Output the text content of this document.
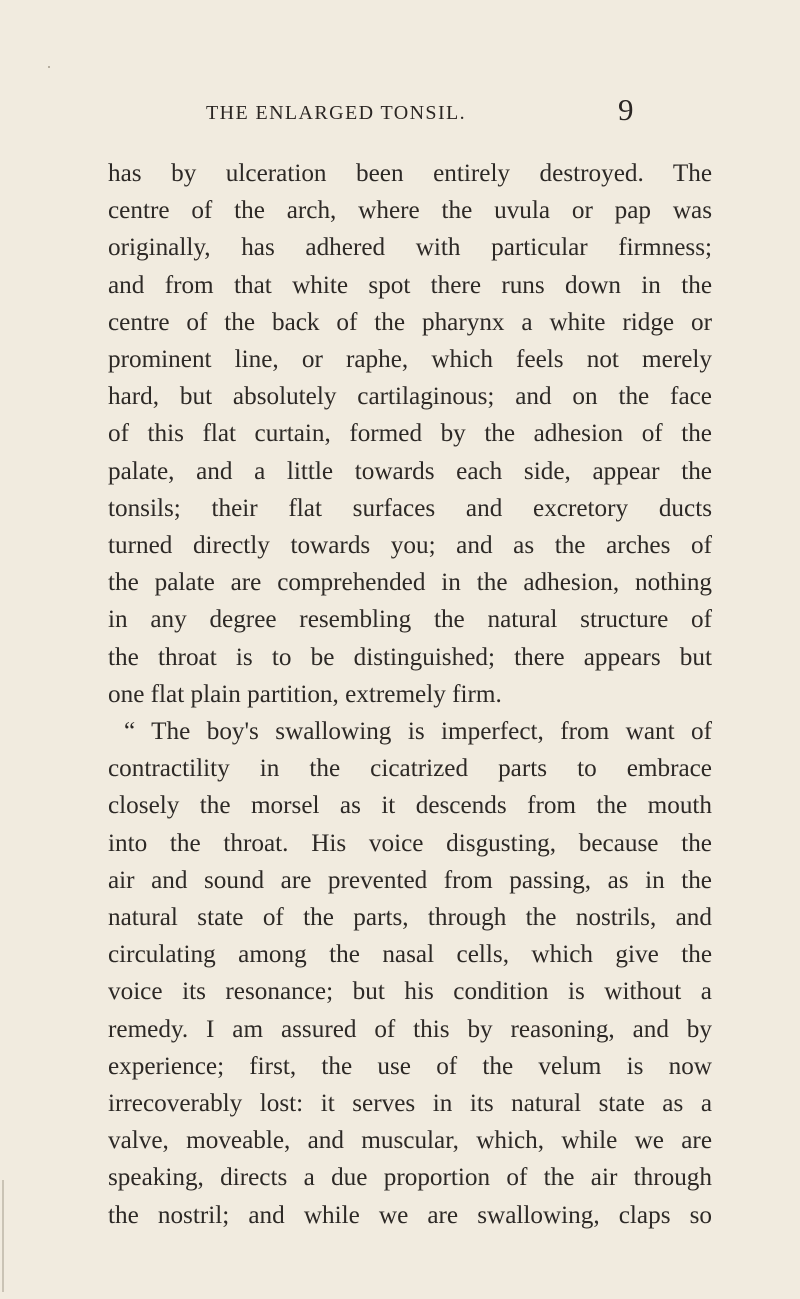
THE ENLARGED TONSIL.	9
has by ulceration been entirely destroyed. The
centre of the arch, where the uvula or pap was
originally, has adhered with particular firmness;
and from that white spot there runs down in the
centre of the back of the pharynx a white ridge or
prominent line, or raphe, which feels not merely
hard, but absolutely cartilaginous; and on the face
of this flat curtain, formed by the adhesion of the
palate, and a little towards each side, appear the
tonsils; their flat surfaces and excretory ducts
turned directly towards you; and as the arches of
the palate are comprehended in the adhesion, nothing
in any degree resembling the natural structure of
the throat is to be distinguished; there appears but
one flat plain partition, extremely firm.
“ The boy's swallowing is imperfect, from want of
contractility in the cicatrized parts to embrace
closely the morsel as it descends from the mouth
into the throat. His voice disgusting, because the
air and sound are prevented from passing, as in the
natural state of the parts, through the nostrils, and
circulating among the nasal cells, which give the
voice its resonance; but his condition is without a
remedy. I am assured of this by reasoning, and by
experience; first, the use of the velum is now
irrecoverably lost: it serves in its natural state as a
valve, moveable, and muscular, which, while we are
speaking, directs a due proportion of the air through
the nostril; and while we are swallowing, claps so
